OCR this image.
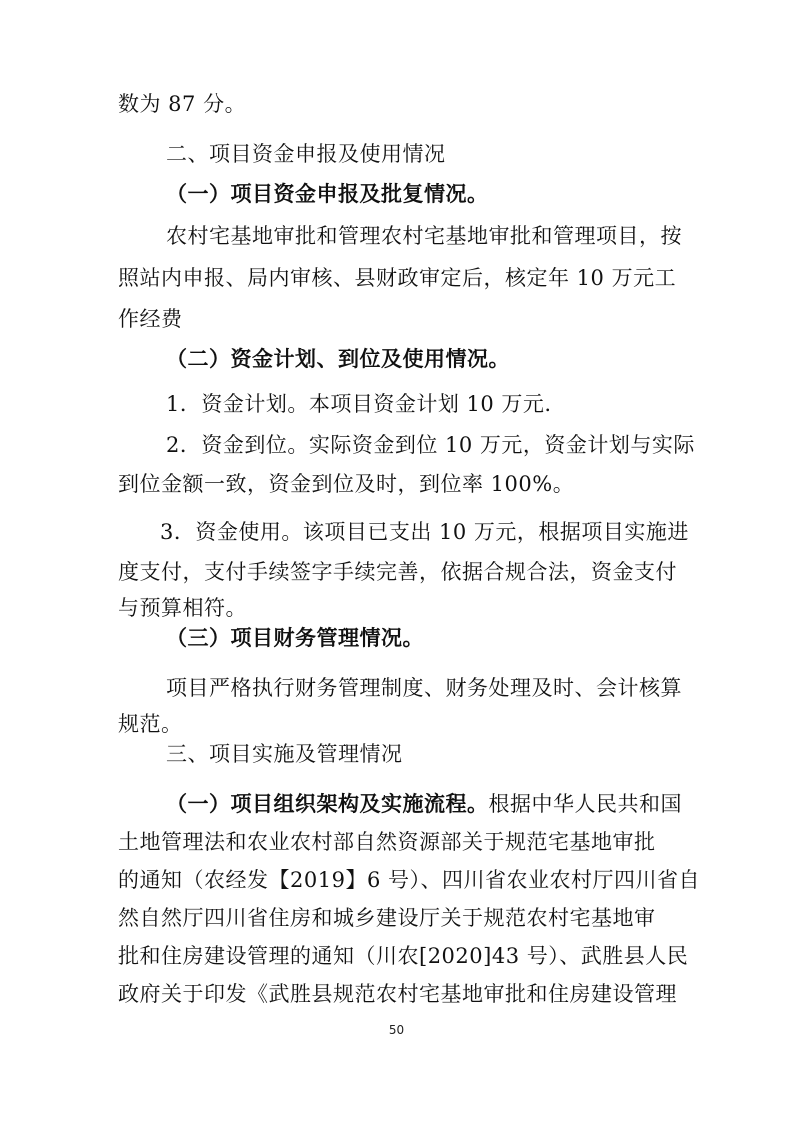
数为 87 分。
二、项目资金申报及使用情况
（一）项目资金申报及批复情况。
农村宅基地审批和管理农村宅基地审批和管理项目，按
照站内申报、局内审核、县财政审定后，核定年 10 万元工
作经费
（二）资金计划、到位及使用情况。
1．资金计划。本项目资金计划 10 万元.
2．资金到位。实际资金到位 10 万元，资金计划与实际
到位金额一致，资金到位及时，到位率 100%。
3．资金使用。该项目已支出 10 万元，根据项目实施进
度支付，支付手续签字手续完善，依据合规合法，资金支付
与预算相符。
（三）项目财务管理情况。
项目严格执行财务管理制度、财务处理及时、会计核算
规范。
三、项目实施及管理情况
（一）项目组织架构及实施流程。根据中华人民共和国
土地管理法和农业农村部自然资源部关于规范宅基地审批
的通知（农经发【2019】6 号）、四川省农业农村厅四川省自
然自然厅四川省住房和城乡建设厅关于规范农村宅基地审
批和住房建设管理的通知（川农[2020]43 号）、武胜县人民
政府关于印发《武胜县规范农村宅基地审批和住房建设管理
50
